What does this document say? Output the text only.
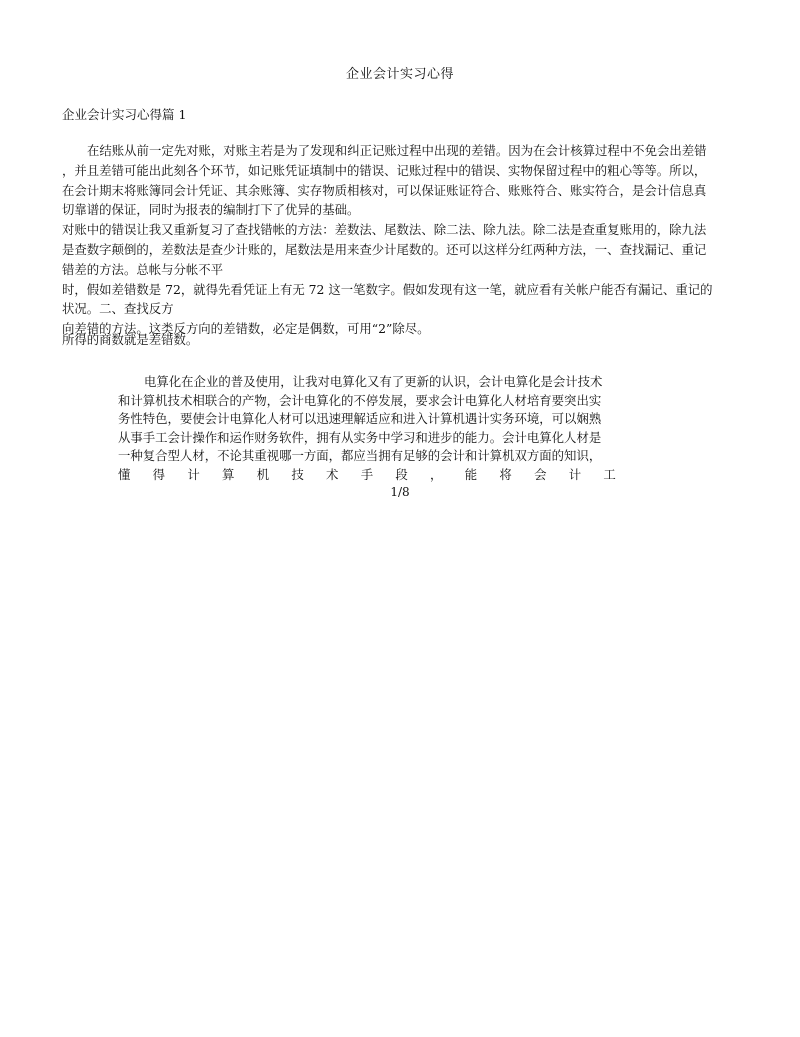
企业会计实习心得
企业会计实习心得篇 1
在结账从前一定先对账，对账主若是为了发现和纠正记账过程中出现的差错。因为在会计核算过程中不免会出差错
，并且差错可能出此刻各个环节，如记账凭证填制中的错误、记账过程中的错误、实物保留过程中的粗心等等。所以，
在会计期末将账簿同会计凭证、其余账簿、实存物质相核对，可以保证账证符合、账账符合、账实符合，是会计信息真
切靠谱的保证，同时为报表的编制打下了优异的基础。
对账中的错误让我又重新复习了查找错帐的方法：差数法、尾数法、除二法、除九法。除二法是查重复账用的，除九法
是查数字颠倒的，差数法是查少计账的，尾数法是用来查少计尾数的。还可以这样分红两种方法，一、查找漏记、重记
错差的方法。总帐与分帐不平
时，假如差错数是 72，就得先看凭证上有无 72 这一笔数字。假如发现有这一笔，就应看有关帐户能否有漏记、重记的
状况。二、查找反方
向差错的方法。这类反方向的差错数，必定是偶数，可用“2”除尽。
所得的商数就是差错数。
电算化在企业的普及使用，让我对电算化又有了更新的认识，会计电算化是会计技术
和计算机技术相联合的产物，会计电算化的不停发展，要求会计电算化人材培育要突出实
务性特色，要使会计电算化人材可以迅速理解适应和进入计算机遇计实务环境，可以娴熟
从事手工会计操作和运作财务软件，拥有从实务中学习和进步的能力。会计电算化人材是
一种复合型人材，不论其重视哪一方面，都应当拥有足够的会计和计算机双方面的知识，
懂 得 计 算 机 技 术 手 段 ， 能 将 会 计 工
1/8
